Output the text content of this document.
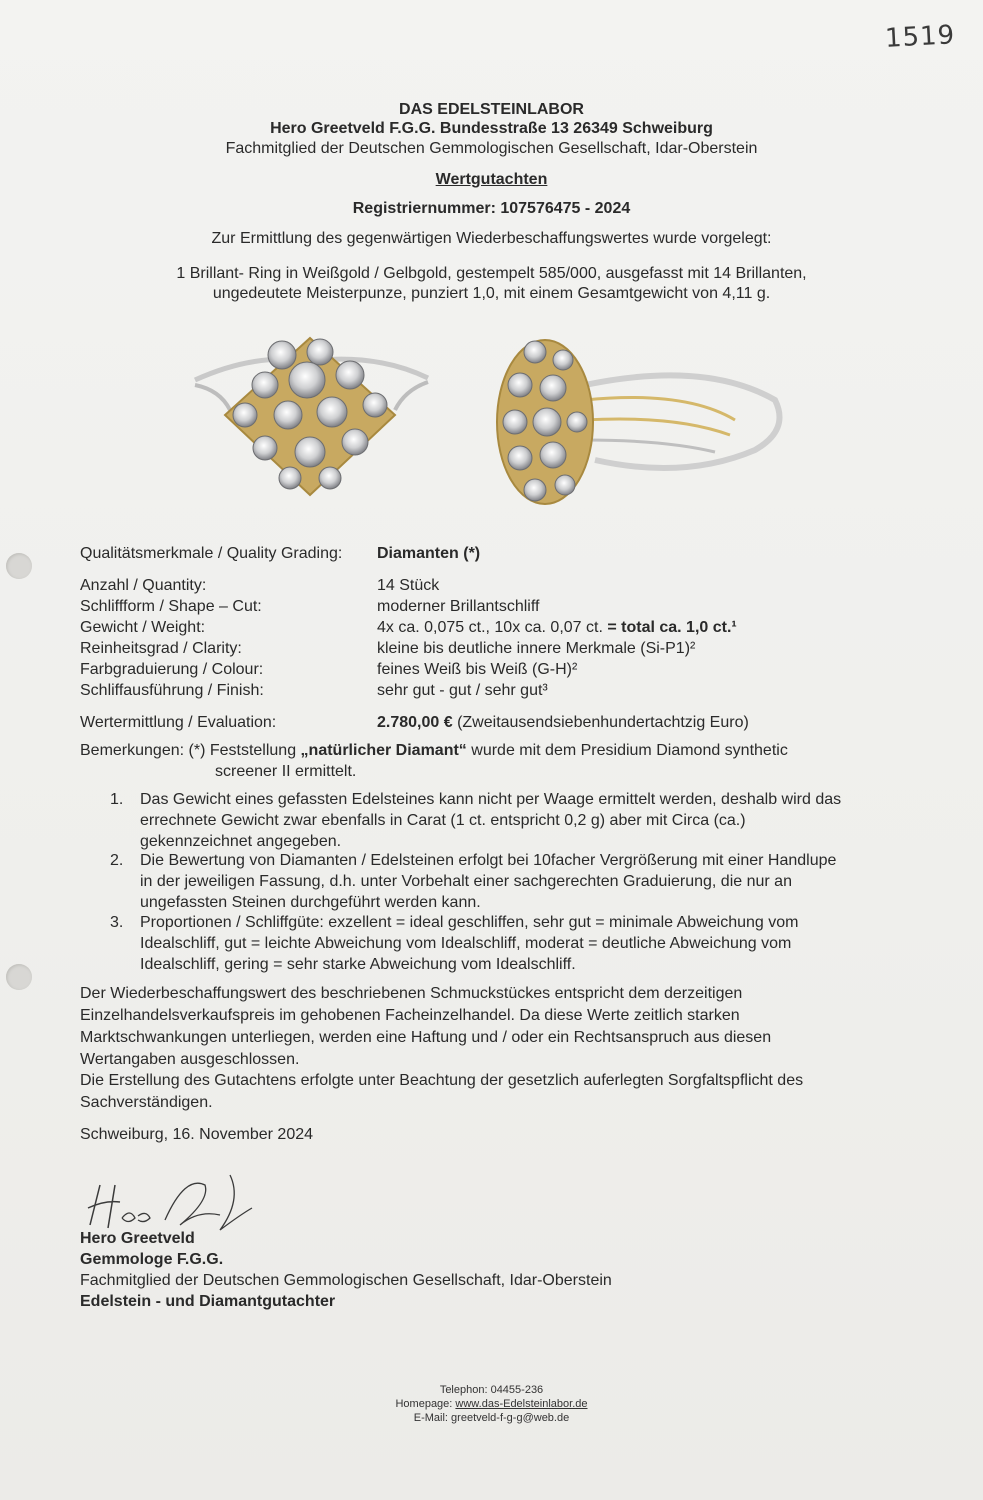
1519
DAS EDELSTEINLABOR
Hero Greetveld F.G.G. Bundesstraße 13 26349 Schweiburg
Fachmitglied der Deutschen Gemmologischen Gesellschaft, Idar-Oberstein
Wertgutachten
Registriernummer: 107576475 - 2024
Zur Ermittlung des gegenwärtigen Wiederbeschaffungswertes wurde vorgelegt:
1 Brillant- Ring in Weißgold / Gelbgold, gestempelt 585/000, ausgefasst mit 14 Brillanten,
ungedeutete Meisterpunze, punziert 1,0, mit einem Gesamtgewicht von 4,11 g.
Qualitätsmerkmale / Quality Grading: Diamanten (*)
Anzahl / Quantity:	14 Stück
Schliffform / Shape – Cut:	moderner Brillantschliff
Gewicht / Weight:	4x ca. 0,075 ct., 10x ca. 0,07 ct. = total ca. 1,0 ct.¹
Reinheitsgrad / Clarity:	kleine bis deutliche innere Merkmale (Si-P1)²
Farbgraduierung / Colour:	feines Weiß bis Weiß (G-H)²
Schliffausführung / Finish:	sehr gut - gut / sehr gut³
Wertermittlung / Evaluation:	2.780,00 € (Zweitausendsiebenhundertachtzig Euro)
Bemerkungen: (*) Feststellung „natürlicher Diamant“ wurde mit dem Presidium Diamond synthetic
screener II ermittelt.
1.	Das Gewicht eines gefassten Edelsteines kann nicht per Waage ermittelt werden, deshalb wird das
errechnete Gewicht zwar ebenfalls in Carat (1 ct. entspricht 0,2 g) aber mit Circa (ca.)
gekennzeichnet angegeben.
2.	Die Bewertung von Diamanten / Edelsteinen erfolgt bei 10facher Vergrößerung mit einer Handlupe
in der jeweiligen Fassung, d.h. unter Vorbehalt einer sachgerechten Graduierung, die nur an
ungefassten Steinen durchgeführt werden kann.
3.	Proportionen / Schliffgüte: exzellent = ideal geschliffen, sehr gut = minimale Abweichung vom
Idealschliff, gut = leichte Abweichung vom Idealschliff, moderat = deutliche Abweichung vom
Idealschliff, gering = sehr starke Abweichung vom Idealschliff.
Der Wiederbeschaffungswert des beschriebenen Schmuckstückes entspricht dem derzeitigen
Einzelhandelsverkaufspreis im gehobenen Facheinzelhandel. Da diese Werte zeitlich starken
Marktschwankungen unterliegen, werden eine Haftung und / oder ein Rechtsanspruch aus diesen
Wertangaben ausgeschlossen.
Die Erstellung des Gutachtens erfolgte unter Beachtung der gesetzlich auferlegten Sorgfaltspflicht des
Sachverständigen.
Schweiburg, 16. November 2024
Hero Greetveld
Gemmologe F.G.G.
Fachmitglied der Deutschen Gemmologischen Gesellschaft, Idar-Oberstein
Edelstein - und Diamantgutachter
Telephon: 04455-236
Homepage: www.das-Edelsteinlabor.de
E-Mail: greetveld-f-g-g@web.de
